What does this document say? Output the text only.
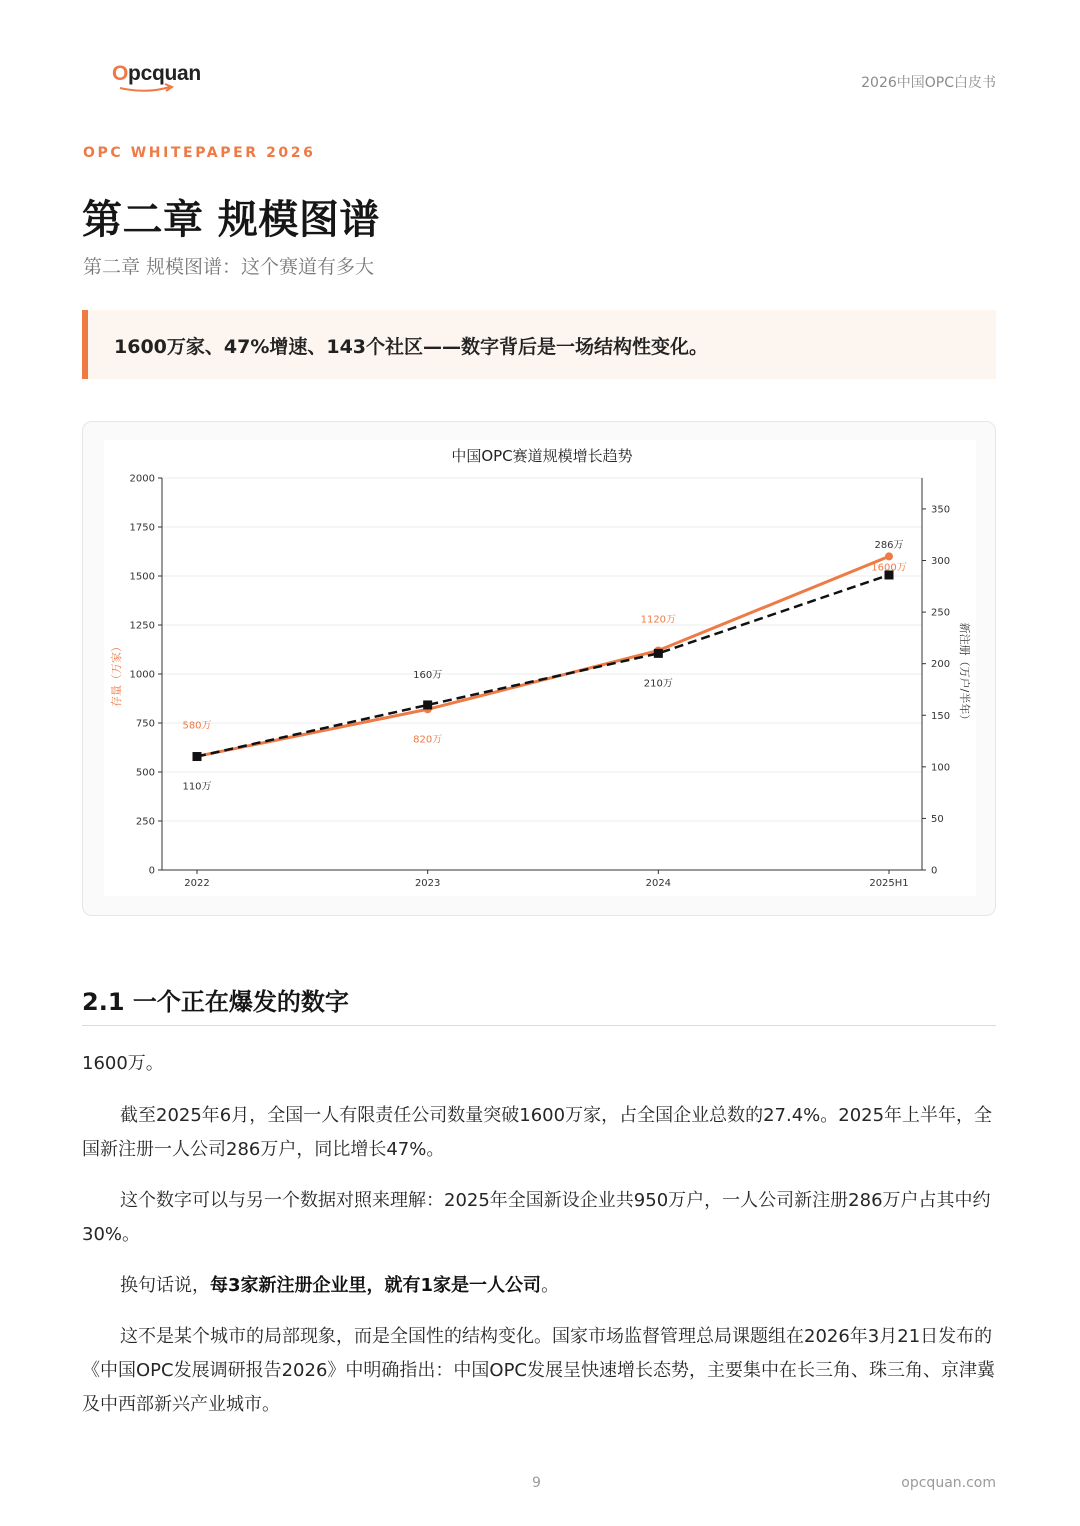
Opcquan	2026中国OPC白皮书
OPC WHITEPAPER 2026
第二章 规模图谱
第二章 规模图谱：这个赛道有多大
1600万家、47%增速、143个社区——数字背后是一场结构性变化。
0
250
500
750
1000
1250
1500
1750
2000
0
50
100
150
200
250
300
350
2022	2023	2024	2025H1
中国OPC赛道规模增长趋势
存量（万家）	新注册（万户/半年）
580万
820万
1120万
1600万
110万
160万
210万
286万
2.1 一个正在爆发的数字

1600万。

截至2025年6月，全国一人有限责任公司数量突破1600万家，占全国企业总数的27.4%。2025年上半年，全国新注册一人公司286万户，同比增长47%。

这个数字可以与另一个数据对照来理解：2025年全国新设企业共950万户，一人公司新注册286万户占其中约30%。

换句话说，每3家新注册企业里，就有1家是一人公司。

这不是某个城市的局部现象，而是全国性的结构变化。国家市场监督管理总局课题组在2026年3月21日发布的《中国OPC发展调研报告2026》中明确指出：中国OPC发展呈快速增长态势，主要集中在长三角、珠三角、京津冀及中西部新兴产业城市。

9	opcquan.com
